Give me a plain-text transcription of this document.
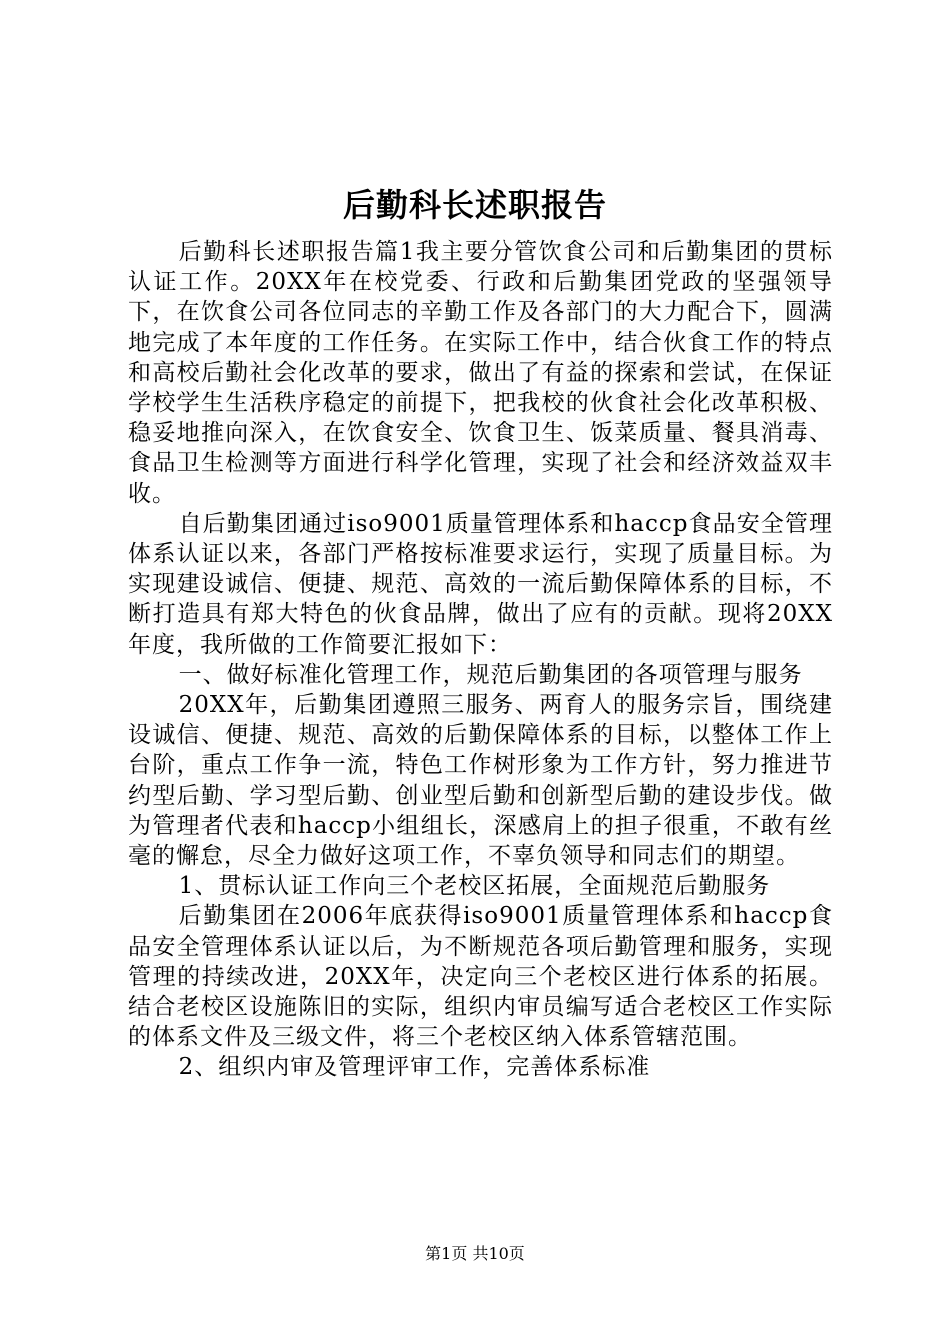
后勤科长述职报告

后勤科长述职报告篇1我主要分管饮食公司和后勤集团的贯标认证工作。20XX年在校党委、行政和后勤集团党政的坚强领导下，在饮食公司各位同志的辛勤工作及各部门的大力配合下，圆满地完成了本年度的工作任务。在实际工作中，结合伙食工作的特点和高校后勤社会化改革的要求，做出了有益的探索和尝试，在保证学校学生生活秩序稳定的前提下，把我校的伙食社会化改革积极、稳妥地推向深入，在饮食安全、饮食卫生、饭菜质量、餐具消毒、食品卫生检测等方面进行科学化管理，实现了社会和经济效益双丰收。

自后勤集团通过iso9001质量管理体系和haccp食品安全管理体系认证以来，各部门严格按标准要求运行，实现了质量目标。为实现建设诚信、便捷、规范、高效的一流后勤保障体系的目标，不断打造具有郑大特色的伙食品牌，做出了应有的贡献。现将20XX年度，我所做的工作简要汇报如下：

一、做好标准化管理工作，规范后勤集团的各项管理与服务

20XX年，后勤集团遵照三服务、两育人的服务宗旨，围绕建设诚信、便捷、规范、高效的后勤保障体系的目标，以整体工作上台阶，重点工作争一流，特色工作树形象为工作方针，努力推进节约型后勤、学习型后勤、创业型后勤和创新型后勤的建设步伐。做为管理者代表和haccp小组组长，深感肩上的担子很重，不敢有丝毫的懈怠，尽全力做好这项工作，不辜负领导和同志们的期望。

1、贯标认证工作向三个老校区拓展，全面规范后勤服务

后勤集团在2006年底获得iso9001质量管理体系和haccp食品安全管理体系认证以后，为不断规范各项后勤管理和服务，实现管理的持续改进，20XX年，决定向三个老校区进行体系的拓展。结合老校区设施陈旧的实际，组织内审员编写适合老校区工作实际的体系文件及三级文件，将三个老校区纳入体系管辖范围。

2、组织内审及管理评审工作，完善体系标准

第1页 共10页
